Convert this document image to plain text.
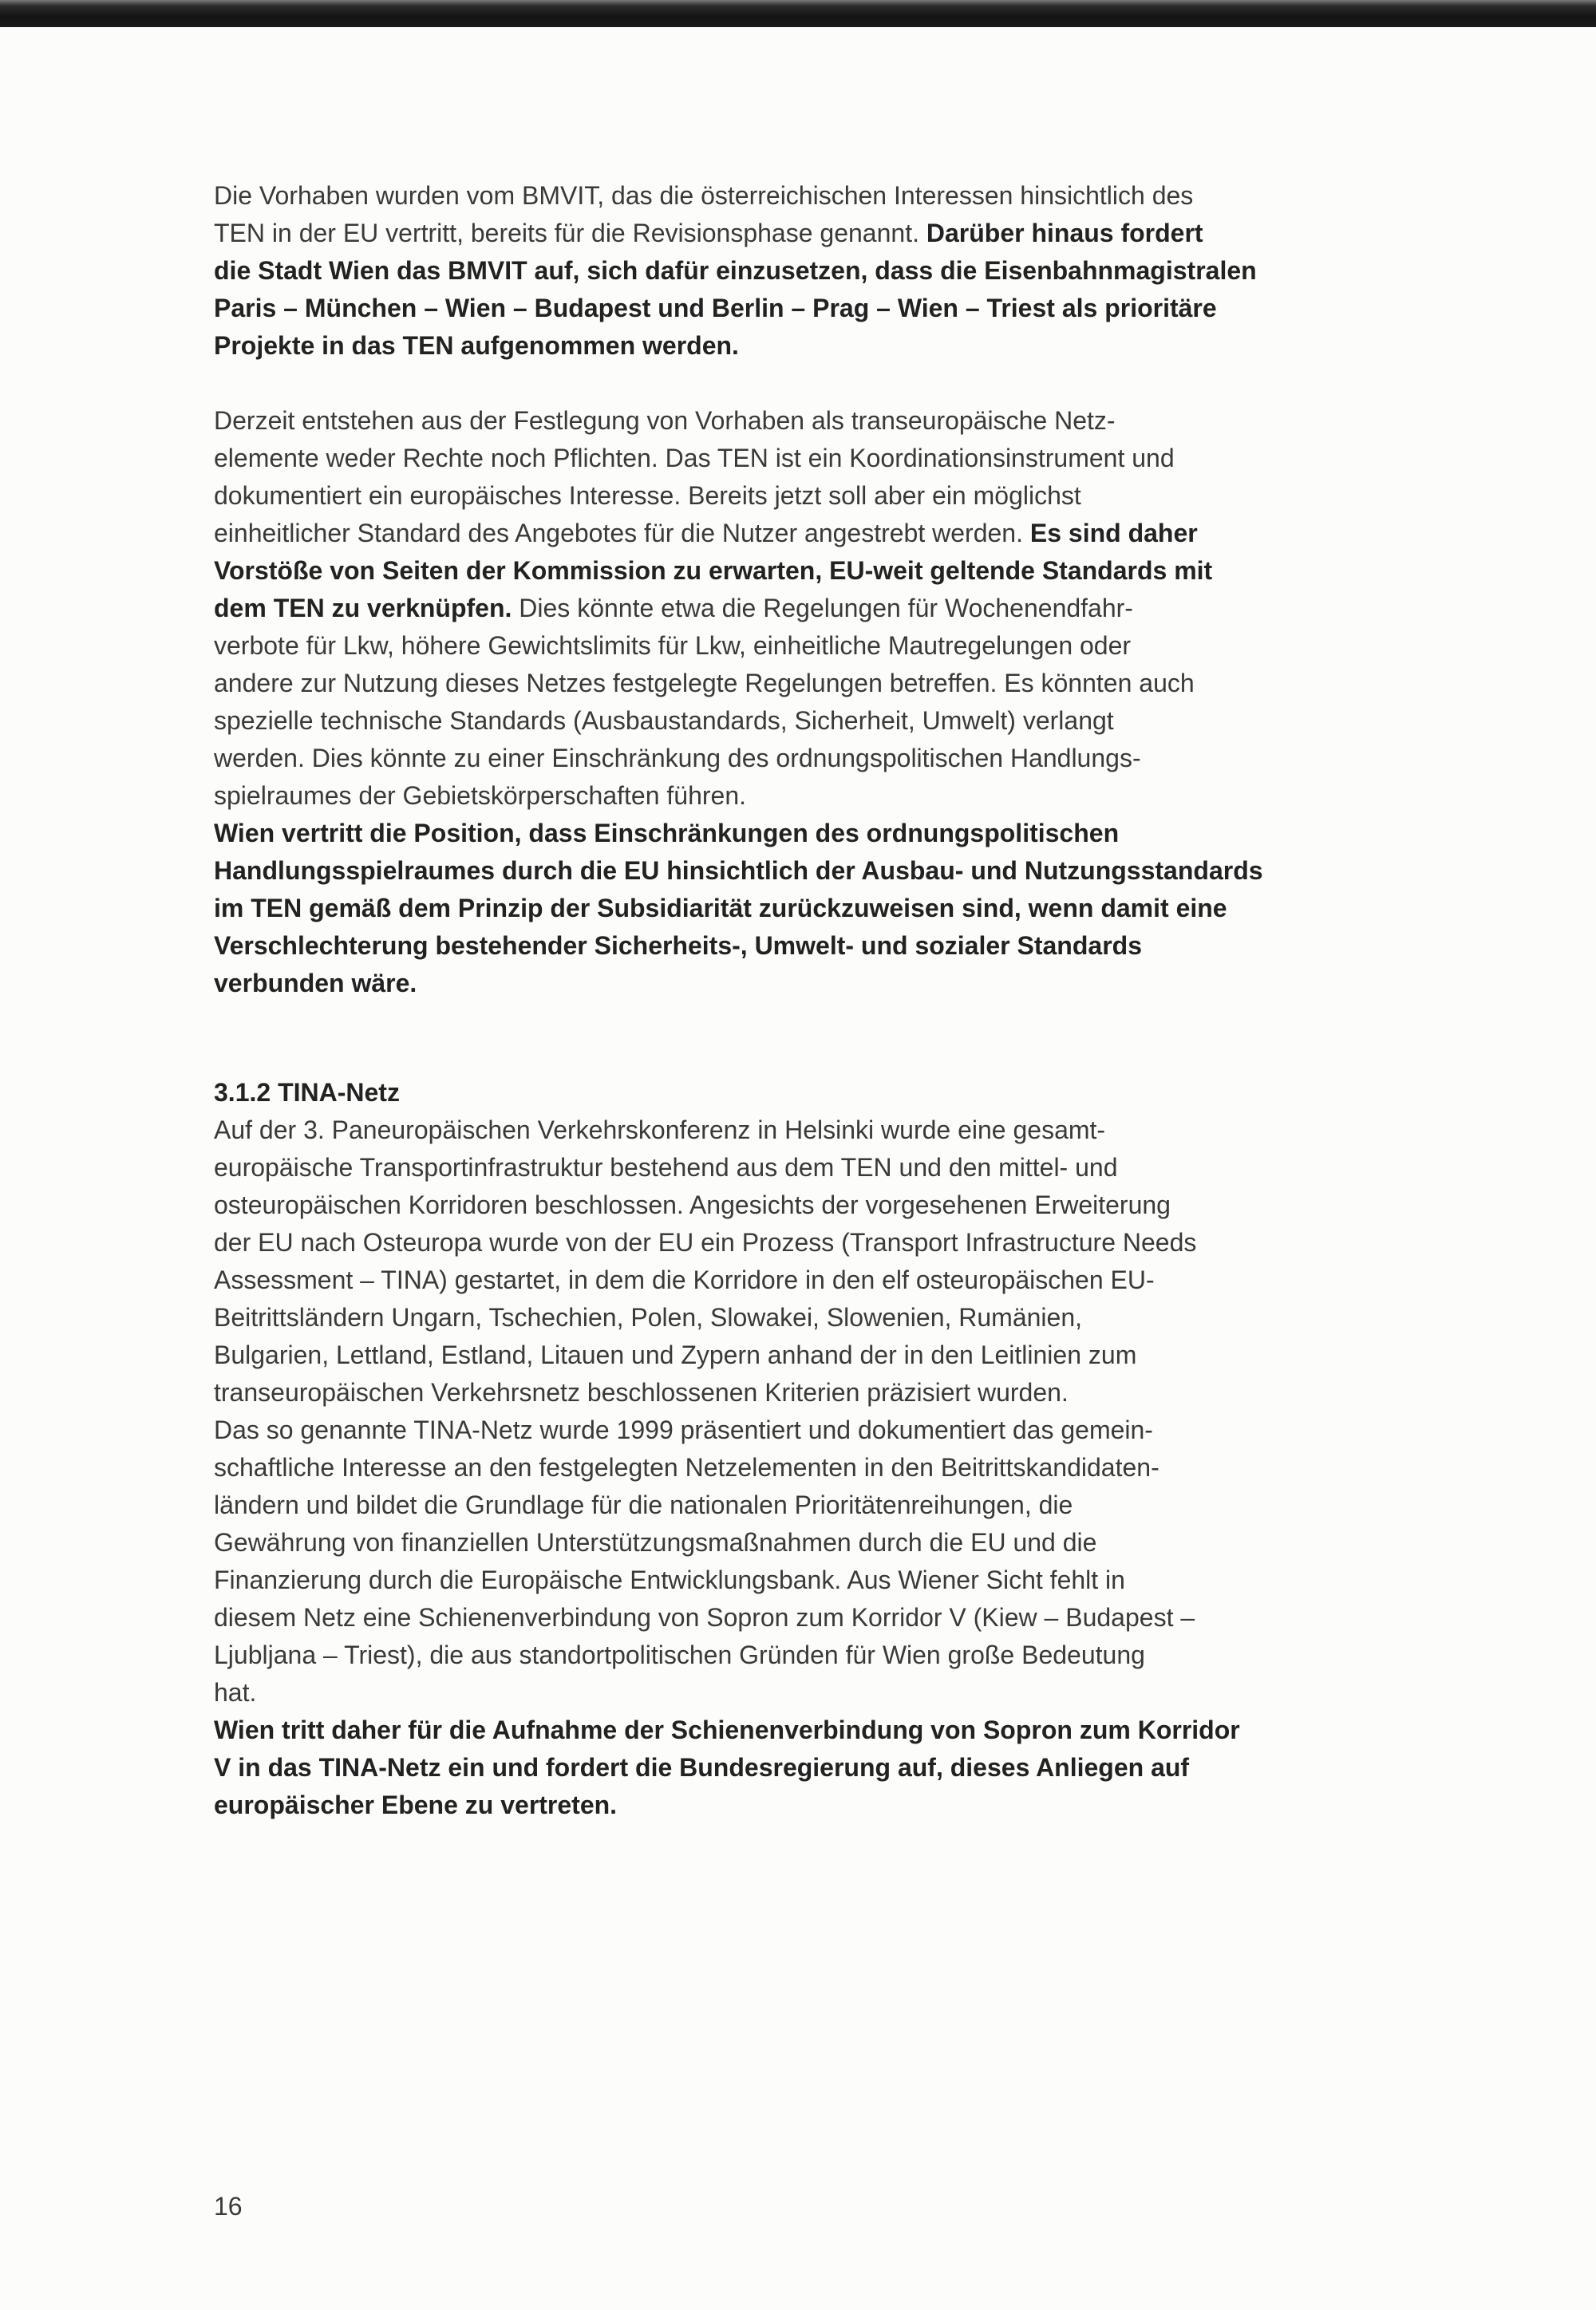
Die Vorhaben wurden vom BMVIT, das die österreichischen Interessen hinsichtlich des
TEN in der EU vertritt, bereits für die Revisionsphase genannt. Darüber hinaus fordert
die Stadt Wien das BMVIT auf, sich dafür einzusetzen, dass die Eisenbahnmagistralen
Paris – München – Wien – Budapest und Berlin – Prag – Wien – Triest als prioritäre
Projekte in das TEN aufgenommen werden.

Derzeit entstehen aus der Festlegung von Vorhaben als transeuropäische Netz-
elemente weder Rechte noch Pflichten. Das TEN ist ein Koordinationsinstrument und
dokumentiert ein europäisches Interesse. Bereits jetzt soll aber ein möglichst
einheitlicher Standard des Angebotes für die Nutzer angestrebt werden. Es sind daher
Vorstöße von Seiten der Kommission zu erwarten, EU-weit geltende Standards mit
dem TEN zu verknüpfen. Dies könnte etwa die Regelungen für Wochenendfahr-
verbote für Lkw, höhere Gewichtslimits für Lkw, einheitliche Mautregelungen oder
andere zur Nutzung dieses Netzes festgelegte Regelungen betreffen. Es könnten auch
spezielle technische Standards (Ausbaustandards, Sicherheit, Umwelt) verlangt
werden. Dies könnte zu einer Einschränkung des ordnungspolitischen Handlungs-
spielraumes der Gebietskörperschaften führen.
Wien vertritt die Position, dass Einschränkungen des ordnungspolitischen
Handlungsspielraumes durch die EU hinsichtlich der Ausbau- und Nutzungsstandards
im TEN gemäß dem Prinzip der Subsidiarität zurückzuweisen sind, wenn damit eine
Verschlechterung bestehender Sicherheits-, Umwelt- und sozialer Standards
verbunden wäre.

3.1.2 TINA-Netz

Auf der 3. Paneuropäischen Verkehrskonferenz in Helsinki wurde eine gesamt-
europäische Transportinfrastruktur bestehend aus dem TEN und den mittel- und
osteuropäischen Korridoren beschlossen. Angesichts der vorgesehenen Erweiterung
der EU nach Osteuropa wurde von der EU ein Prozess (Transport Infrastructure Needs
Assessment – TINA) gestartet, in dem die Korridore in den elf osteuropäischen EU-
Beitrittsländern Ungarn, Tschechien, Polen, Slowakei, Slowenien, Rumänien,
Bulgarien, Lettland, Estland, Litauen und Zypern anhand der in den Leitlinien zum
transeuropäischen Verkehrsnetz beschlossenen Kriterien präzisiert wurden.
Das so genannte TINA-Netz wurde 1999 präsentiert und dokumentiert das gemein-
schaftliche Interesse an den festgelegten Netzelementen in den Beitrittskandidaten-
ländern und bildet die Grundlage für die nationalen Prioritätenreihungen, die
Gewährung von finanziellen Unterstützungsmaßnahmen durch die EU und die
Finanzierung durch die Europäische Entwicklungsbank. Aus Wiener Sicht fehlt in
diesem Netz eine Schienenverbindung von Sopron zum Korridor V (Kiew – Budapest –
Ljubljana – Triest), die aus standortpolitischen Gründen für Wien große Bedeutung
hat.
Wien tritt daher für die Aufnahme der Schienenverbindung von Sopron zum Korridor
V in das TINA-Netz ein und fordert die Bundesregierung auf, dieses Anliegen auf
europäischer Ebene zu vertreten.

16
